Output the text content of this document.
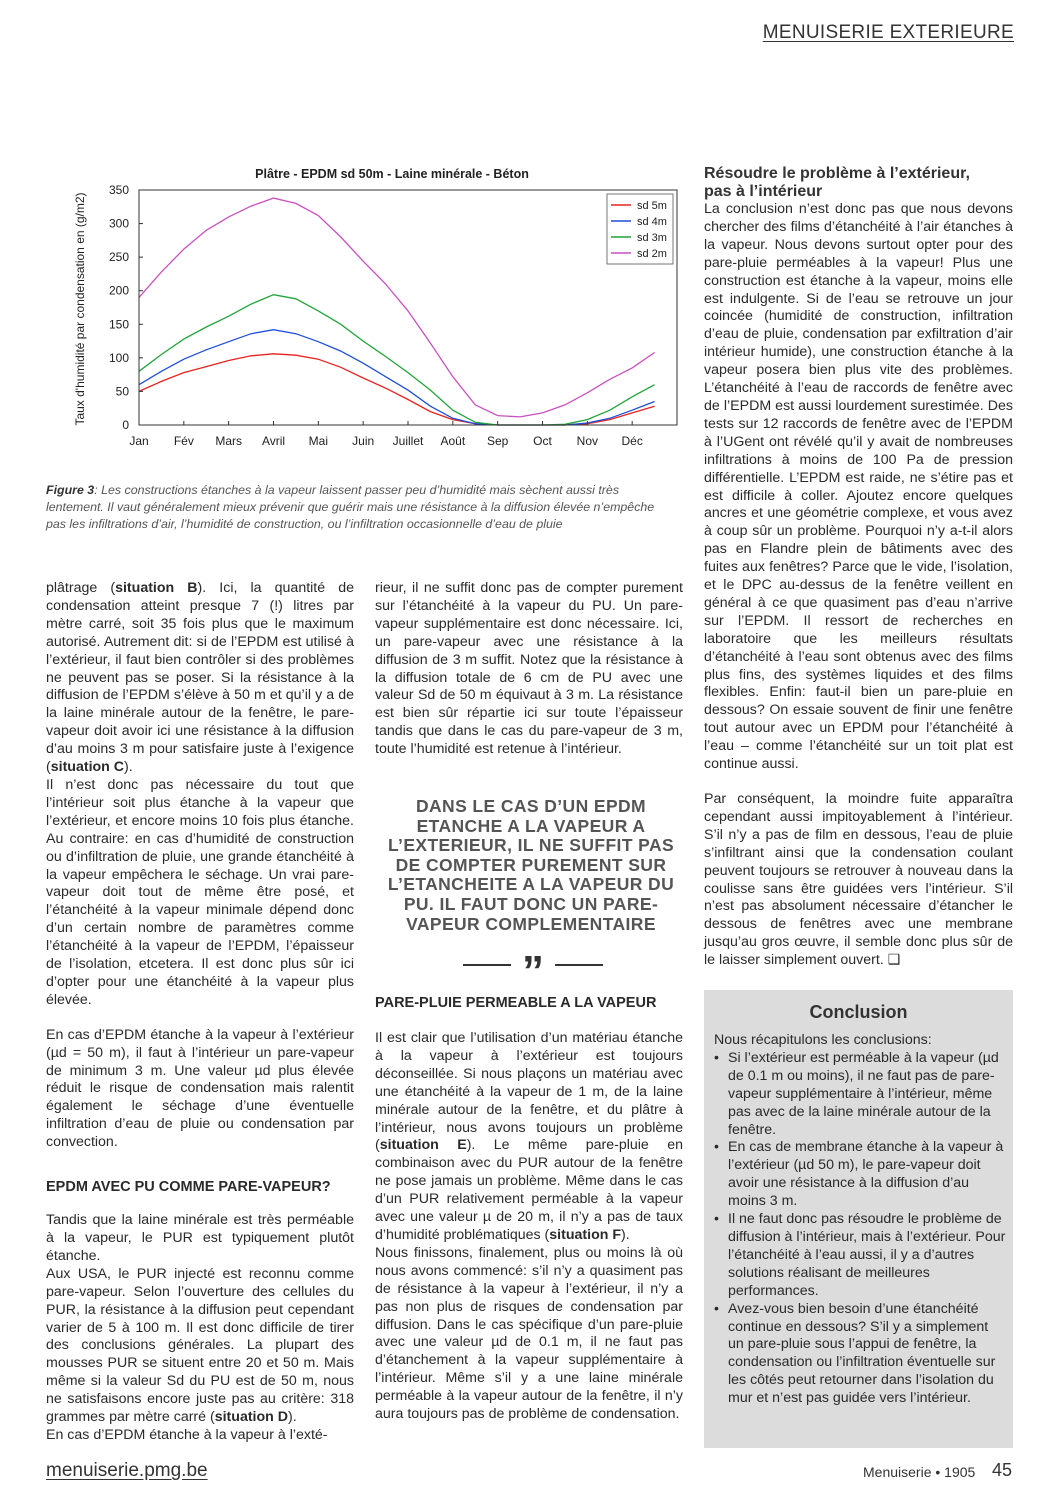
MENUISERIE EXTERIEURE
Plâtre - EPDM sd 50m - Laine minérale - Béton
Taux d'humidité par condensation en (g/m2)	0
50
100
150
200
250
300
350
Jan Fév Mars Avril Mai Juin Juillet Août Sep Oct Nov Déc
sd 5m
sd 4m
sd 3m
sd 2m
Figure 3: Les constructions étanches à la vapeur laissent passer peu d’humidité mais sèchent aussi très lentement. Il vaut généralement mieux prévenir que guérir mais une résistance à la diffusion élevée n’empêche pas les infiltrations d’air, l’humidité de construction, ou l’infiltration occasionnelle d’eau de pluie

plâtrage (situation B). Ici, la quantité de condensation atteint presque 7 (!) litres par mètre carré, soit 35 fois plus que le maximum autorisé. Autrement dit: si de l’EPDM est utilisé à l’extérieur, il faut bien contrôler si des problèmes ne peuvent pas se poser. Si la résistance à la diffusion de l’EPDM s’élève à 50 m et qu’il y a de la laine minérale autour de la fenêtre, le pare-vapeur doit avoir ici une résistance à la diffusion d’au moins 3 m pour satisfaire juste à l’exigence (situation C).

Il n’est donc pas nécessaire du tout que l’intérieur soit plus étanche à la vapeur que l’extérieur, et encore moins 10 fois plus étanche. Au contraire: en cas d’humidité de construction ou d’infiltration de pluie, une grande étanchéité à la vapeur empêchera le séchage. Un vrai pare-vapeur doit tout de même être posé, et l’étanchéité à la vapeur minimale dépend donc d’un certain nombre de paramètres comme l’étanchéité à la vapeur de l’EPDM, l’épaisseur de l’isolation, etcetera. Il est donc plus sûr ici d’opter pour une étanchéité à la vapeur plus élevée.

En cas d’EPDM étanche à la vapeur à l’extérieur (µd = 50 m), il faut à l’intérieur un pare-vapeur de minimum 3 m. Une valeur µd plus élevée réduit le risque de condensation mais ralentit également le séchage d’une éventuelle infiltration d’eau de pluie ou condensation par convection.

EPDM AVEC PU COMME PARE-VAPEUR?

Tandis que la laine minérale est très perméable à la vapeur, le PUR est typiquement plutôt étanche.

Aux USA, le PUR injecté est reconnu comme pare-vapeur. Selon l’ouverture des cellules du PUR, la résistance à la diffusion peut cependant varier de 5 à 100 m. Il est donc difficile de tirer des conclusions générales. La plupart des mousses PUR se situent entre 20 et 50 m. Mais même si la valeur Sd du PU est de 50 m, nous ne satisfaisons encore juste pas au critère: 318 grammes par mètre carré (situation D).

En cas d’EPDM étanche à la vapeur à l’exté-

rieur, il ne suffit donc pas de compter purement sur l’étanchéité à la vapeur du PU. Un pare-vapeur supplémentaire est donc nécessaire. Ici, un pare-vapeur avec une résistance à la diffusion de 3 m suffit. Notez que la résistance à la diffusion totale de 6 cm de PU avec une valeur Sd de 50 m équivaut à 3 m. La résistance est bien sûr répartie ici sur toute l’épaisseur tandis que dans le cas du pare-vapeur de 3 m, toute l’humidité est retenue à l’intérieur.

DANS LE CAS D’UN EPDM ETANCHE A LA VAPEUR A L’EXTERIEUR, IL NE SUFFIT PAS DE COMPTER PUREMENT SUR L’ETANCHEITE A LA VAPEUR DU PU. IL FAUT DONC UN PARE-VAPEUR COMPLEMENTAIRE
”

PARE-PLUIE PERMEABLE A LA VAPEUR

Il est clair que l’utilisation d’un matériau étanche à la vapeur à l’extérieur est toujours déconseillée. Si nous plaçons un matériau avec une étanchéité à la vapeur de 1 m, de la laine minérale autour de la fenêtre, et du plâtre à l’intérieur, nous avons toujours un problème (situation E). Le même pare-pluie en combinaison avec du PUR autour de la fenêtre ne pose jamais un problème. Même dans le cas d’un PUR relativement perméable à la vapeur avec une valeur µ de 20 m, il n’y a pas de taux d’humidité problématiques (situation F).

Nous finissons, finalement, plus ou moins là où nous avons commencé: s’il n’y a quasiment pas de résistance à la vapeur à l’extérieur, il n’y a pas non plus de risques de condensation par diffusion. Dans le cas spécifique d’un pare-pluie avec une valeur µd de 0.1 m, il ne faut pas d’étanchement à la vapeur supplémentaire à l’intérieur. Même s’il y a une laine minérale perméable à la vapeur autour de la fenêtre, il n’y aura toujours pas de problème de condensation.

Résoudre le problème à l’extérieur, pas à l’intérieur

La conclusion n’est donc pas que nous devons chercher des films d’étanchéité à l’air étanches à la vapeur. Nous devons surtout opter pour des pare-pluie perméables à la vapeur! Plus une construction est étanche à la vapeur, moins elle est indulgente. Si de l’eau se retrouve un jour coincée (humidité de construction, infiltration d’eau de pluie, condensation par exfiltration d’air intérieur humide), une construction étanche à la vapeur posera bien plus vite des problèmes. L’étanchéité à l’eau de raccords de fenêtre avec de l’EPDM est aussi lourdement surestimée. Des tests sur 12 raccords de fenêtre avec de l’EPDM à l’UGent ont révélé qu’il y avait de nombreuses infiltrations à moins de 100 Pa de pression différentielle. L’EPDM est raide, ne s’étire pas et est difficile à coller. Ajoutez encore quelques ancres et une géométrie complexe, et vous avez à coup sûr un problème. Pourquoi n’y a-t-il alors pas en Flandre plein de bâtiments avec des fuites aux fenêtres? Parce que le vide, l’isolation, et le DPC au-dessus de la fenêtre veillent en général à ce que quasiment pas d’eau n’arrive sur l’EPDM. Il ressort de recherches en laboratoire que les meilleurs résultats d’étanchéité à l’eau sont obtenus avec des films plus fins, des systèmes liquides et des films flexibles. Enfin: faut-il bien un pare-pluie en dessous? On essaie souvent de finir une fenêtre tout autour avec un EPDM pour l’étanchéité à l’eau – comme l’étanchéité sur un toit plat est continue aussi.

Par conséquent, la moindre fuite apparaîtra cependant aussi impitoyablement à l’intérieur. S’il n’y a pas de film en dessous, l’eau de pluie s’infiltrant ainsi que la condensation coulant peuvent toujours se retrouver à nouveau dans la coulisse sans être guidées vers l’intérieur. S’il n’est pas absolument nécessaire d’étancher le dessous de fenêtres avec une membrane jusqu’au gros œuvre, il semble donc plus sûr de le laisser simplement ouvert. ❑

Conclusion

Nous récapitulons les conclusions:

• Si l’extérieur est perméable à la vapeur (µd de 0.1 m ou moins), il ne faut pas de pare-vapeur supplémentaire à l’intérieur, même pas avec de la laine minérale autour de la fenêtre.
• En cas de membrane étanche à la vapeur à l’extérieur (µd 50 m), le pare-vapeur doit avoir une résistance à la diffusion d’au moins 3 m.
• Il ne faut donc pas résoudre le problème de diffusion à l’intérieur, mais à l’extérieur. Pour l’étanchéité à l’eau aussi, il y a d’autres solutions réalisant de meilleures performances.
• Avez-vous bien besoin d’une étanchéité continue en dessous? S’il y a simplement un pare-pluie sous l’appui de fenêtre, la condensation ou l’infiltration éventuelle sur les côtés peut retourner dans l’isolation du mur et n’est pas guidée vers l’intérieur.
menuiserie.pmg.be	Menuiserie • 1905 45
